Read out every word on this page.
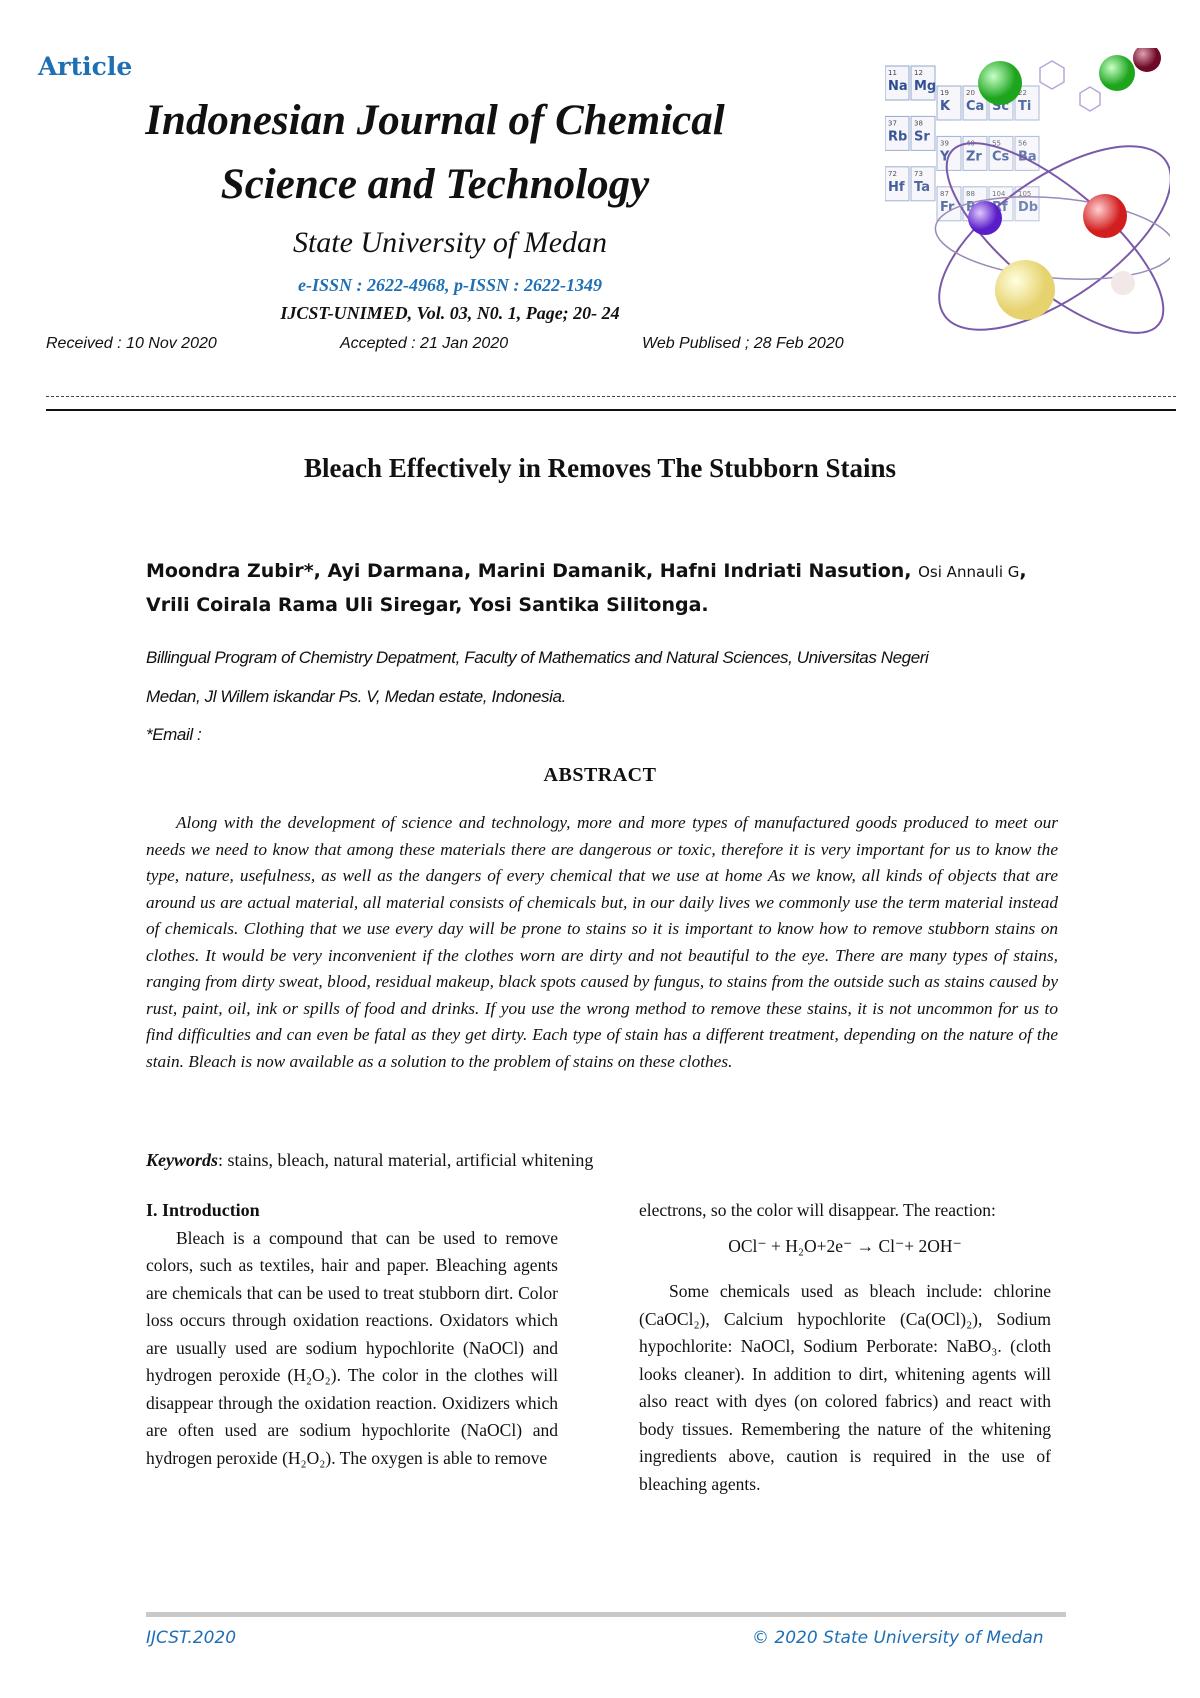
Article
Indonesian Journal of Chemical
Science and Technology
State University of Medan
e-ISSN : 2622-4968, p-ISSN : 2622-1349
IJCST-UNIMED, Vol. 03, N0. 1, Page; 20- 24
Received : 10 Nov 2020	Accepted : 21 Jan 2020	Web Publised ; 28 Feb 2020
Bleach Effectively in Removes The Stubborn Stains
Moondra Zubir*, Ayi Darmana, Marini Damanik, Hafni Indriati Nasution, Osi Annauli G, Vrili Coirala Rama Uli Siregar, Yosi Santika Silitonga.
Billingual Program of Chemistry Depatment, Faculty of Mathematics and Natural Sciences, Universitas Negeri
Medan, Jl Willem iskandar Ps. V, Medan estate, Indonesia.
*Email :
ABSTRACT
Along with the development of science and technology, more and more types of manufactured goods produced to meet our needs we need to know that among these materials there are dangerous or toxic, therefore it is very important for us to know the type, nature, usefulness, as well as the dangers of every chemical that we use at home As we know, all kinds of objects that are around us are actual material, all material consists of chemicals but, in our daily lives we commonly use the term material instead of chemicals. Clothing that we use every day will be prone to stains so it is important to know how to remove stubborn stains on clothes. It would be very inconvenient if the clothes worn are dirty and not beautiful to the eye. There are many types of stains, ranging from dirty sweat, blood, residual makeup, black spots caused by fungus, to stains from the outside such as stains caused by rust, paint, oil, ink or spills of food and drinks. If you use the wrong method to remove these stains, it is not uncommon for us to find difficulties and can even be fatal as they get dirty. Each type of stain has a different treatment, depending on the nature of the stain. Bleach is now available as a solution to the problem of stains on these clothes.
Keywords: stains, bleach, natural material, artificial whitening
I. Introduction

Bleach is a compound that can be used to remove colors, such as textiles, hair and paper. Bleaching agents are chemicals that can be used to treat stubborn dirt. Color loss occurs through oxidation reactions. Oxidators which are usually used are sodium hypochlorite (NaOCl) and hydrogen peroxide (H₂O₂). The color in the clothes will disappear through the oxidation reaction. Oxidizers which are often used are sodium hypochlorite (NaOCl) and hydrogen peroxide (H₂O₂). The oxygen is able to remove

electrons, so the color will disappear. The reaction:

OCl⁻ + H₂O+2e⁻ → Cl⁻+ 2OH⁻

Some chemicals used as bleach include: chlorine (CaOCl₂), Calcium hypochlorite (Ca(OCl)₂), Sodium hypochlorite: NaOCl, Sodium Perborate: NaBO₃. (cloth looks cleaner). In addition to dirt, whitening agents will also react with dyes (on colored fabrics) and react with body tissues. Remembering the nature of the whitening ingredients above, caution is required in the use of bleaching agents.

IJCST.2020	© 2020 State University of Medan
